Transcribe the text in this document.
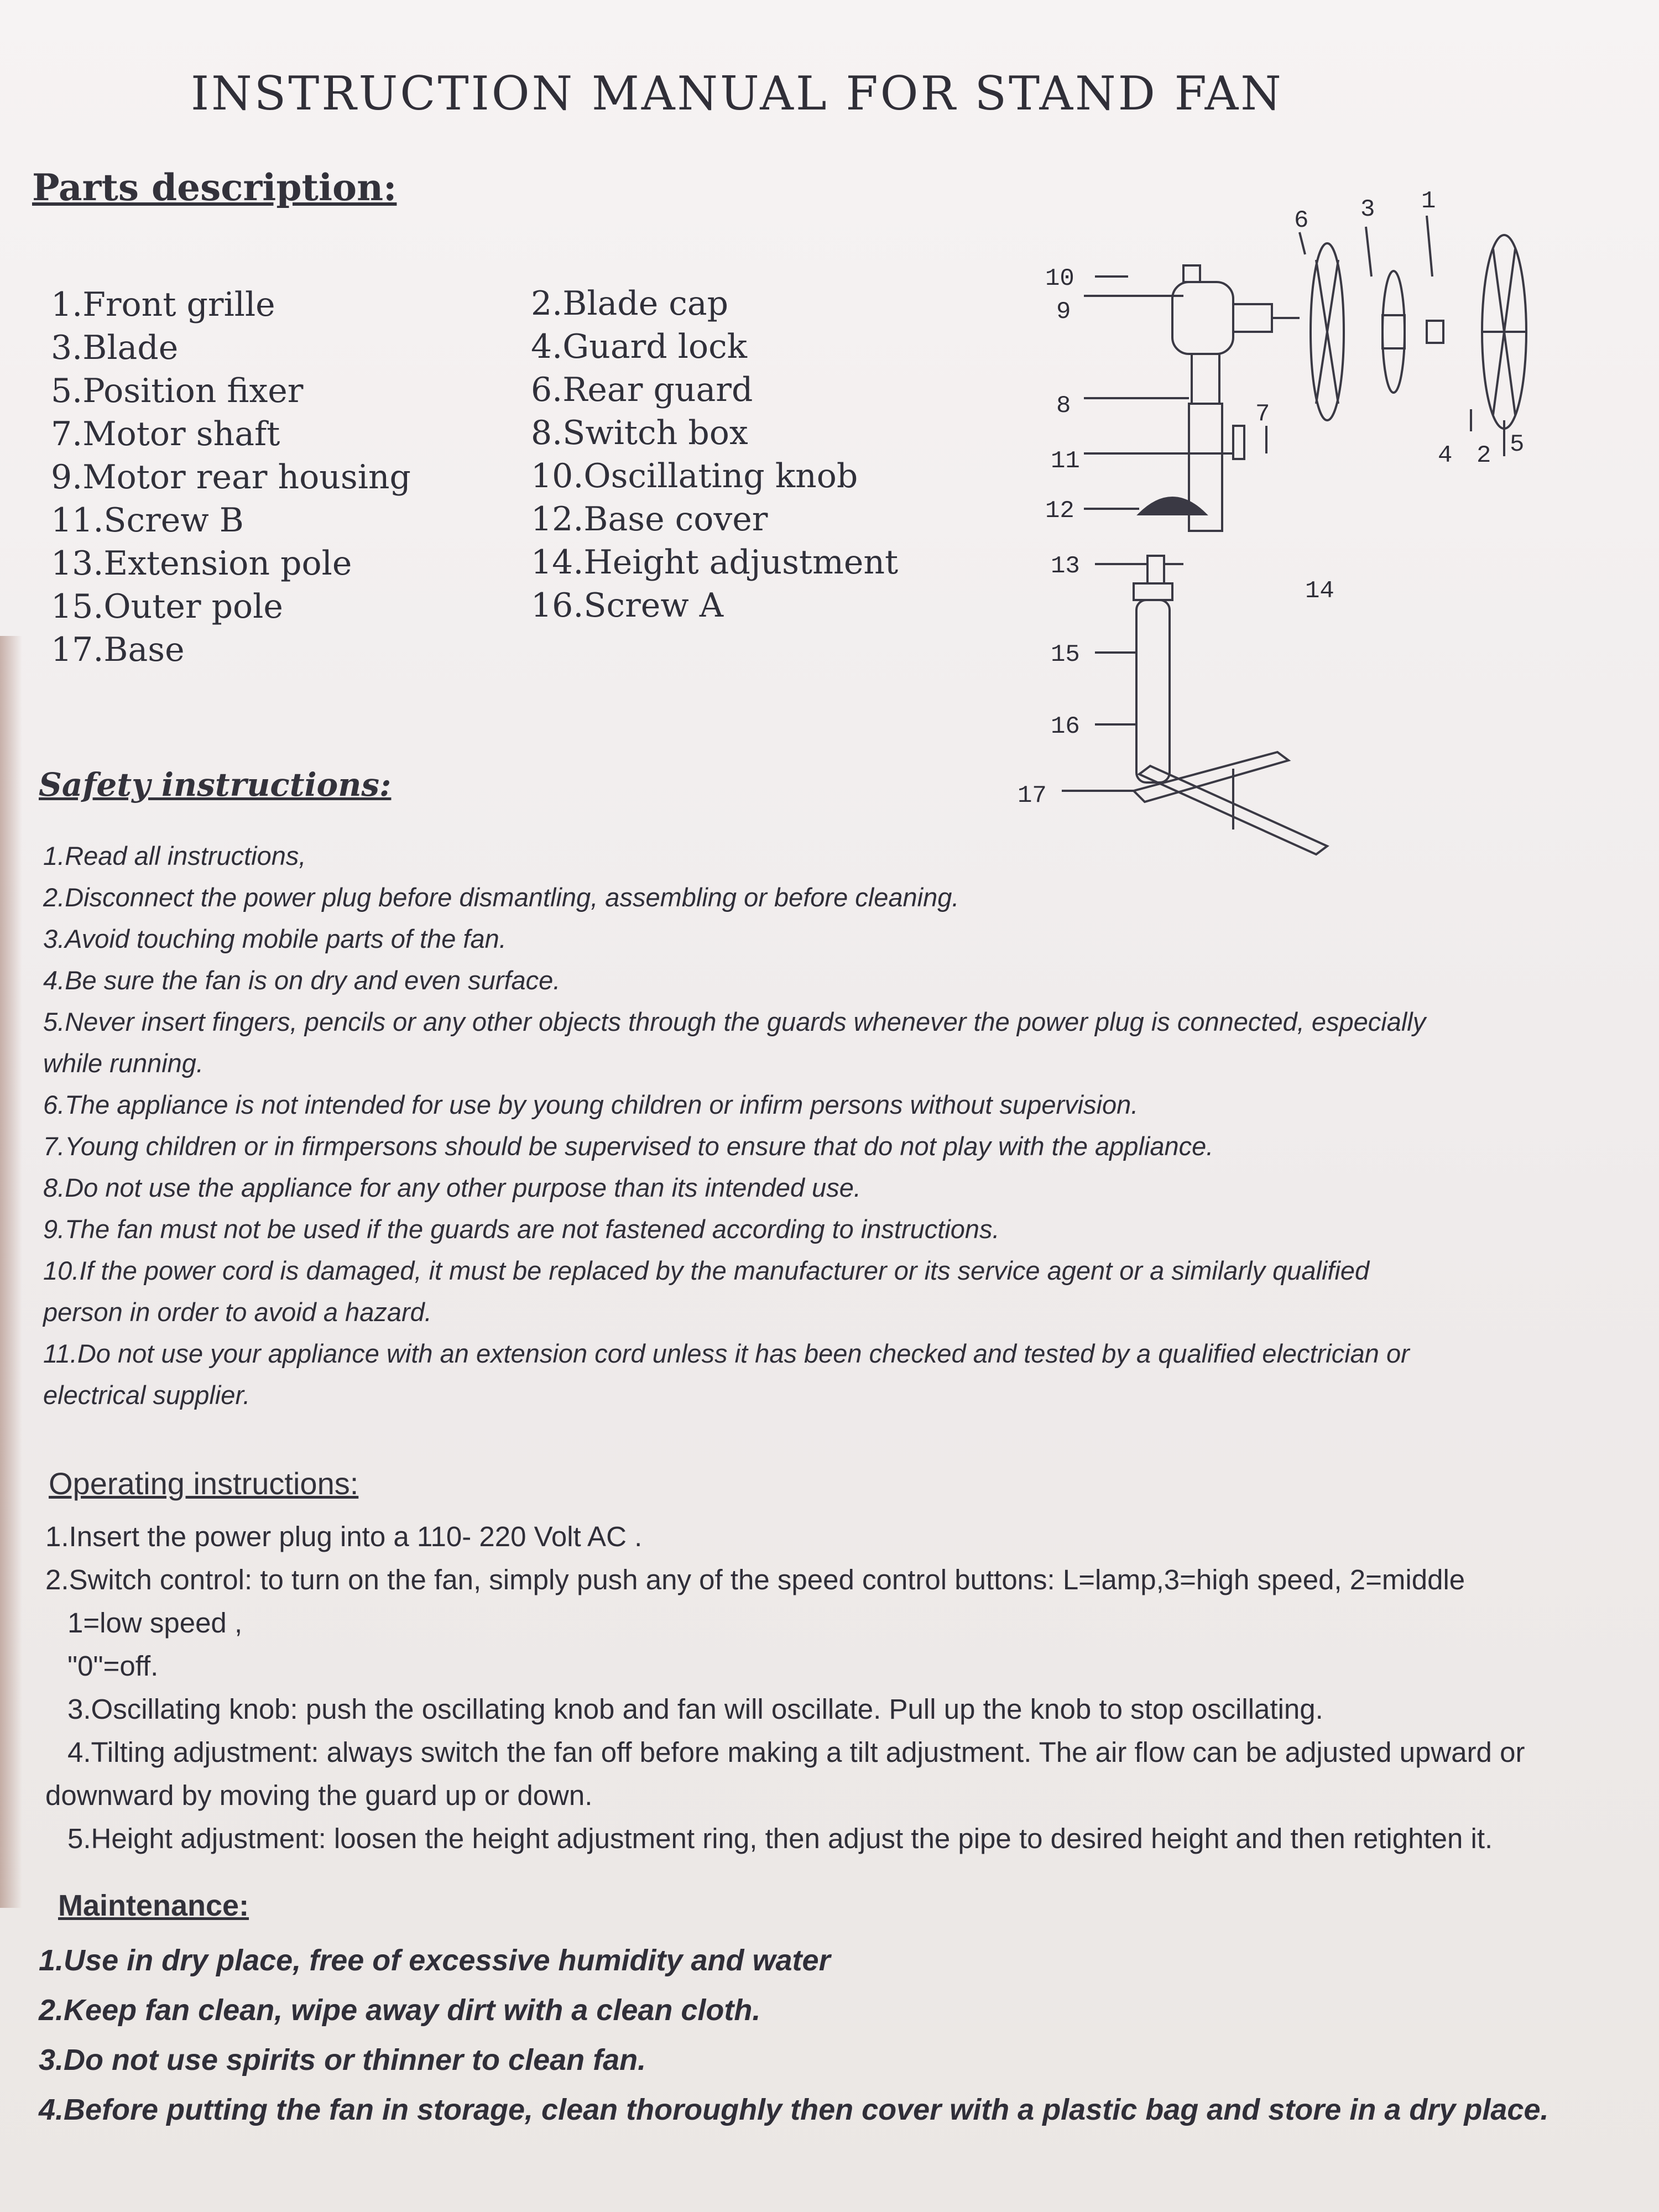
INSTRUCTION MANUAL FOR STAND FAN
Parts description:
1.Front grille
3.Blade
5.Position fixer
7.Motor shaft
9.Motor rear housing
11.Screw B
13.Extension pole
15.Outer pole
17.Base
2.Blade cap
4.Guard lock
6.Rear guard
8.Switch box
10.Oscillating knob
12.Base cover
14.Height adjustment
16.Screw A
6 3 1
10
9
8	7
4 2 5
11
12
13
14
15
16
17
Safety instructions:
1.Read all instructions,
2.Disconnect the power plug before dismantling, assembling or before cleaning.
3.Avoid touching mobile parts of the fan.
4.Be sure the fan is on dry and even surface.
5.Never insert fingers, pencils or any other objects through the guards whenever the power plug is connected, especially
while running.
6.The appliance is not intended for use by young children or infirm persons without supervision.
7.Young children or in firmpersons should be supervised to ensure that do not play with the appliance.
8.Do not use the appliance for any other purpose than its intended use.
9.The fan must not be used if the guards are not fastened according to instructions.
10.If the power cord is damaged, it must be replaced by the manufacturer or its service agent or a similarly qualified
person in order to avoid a hazard.
11.Do not use your appliance with an extension cord unless it has been checked and tested by a qualified electrician or
electrical supplier.
Operating instructions:
1.Insert the power plug into a 110- 220 Volt AC .
2.Switch control: to turn on the fan, simply push any of the speed control buttons: L=lamp,3=high speed, 2=middle
1=low speed ,
"0"=off.
3.Oscillating knob: push the oscillating knob and fan will oscillate. Pull up the knob to stop oscillating.
4.Tilting adjustment: always switch the fan off before making a tilt adjustment. The air flow can be adjusted upward or
downward by moving the guard up or down.
5.Height adjustment: loosen the height adjustment ring, then adjust the pipe to desired height and then retighten it.
Maintenance:
1.Use in dry place, free of excessive humidity and water
2.Keep fan clean, wipe away dirt with a clean cloth.
3.Do not use spirits or thinner to clean fan.
4.Before putting the fan in storage, clean thoroughly then cover with a plastic bag and store in a dry place.
